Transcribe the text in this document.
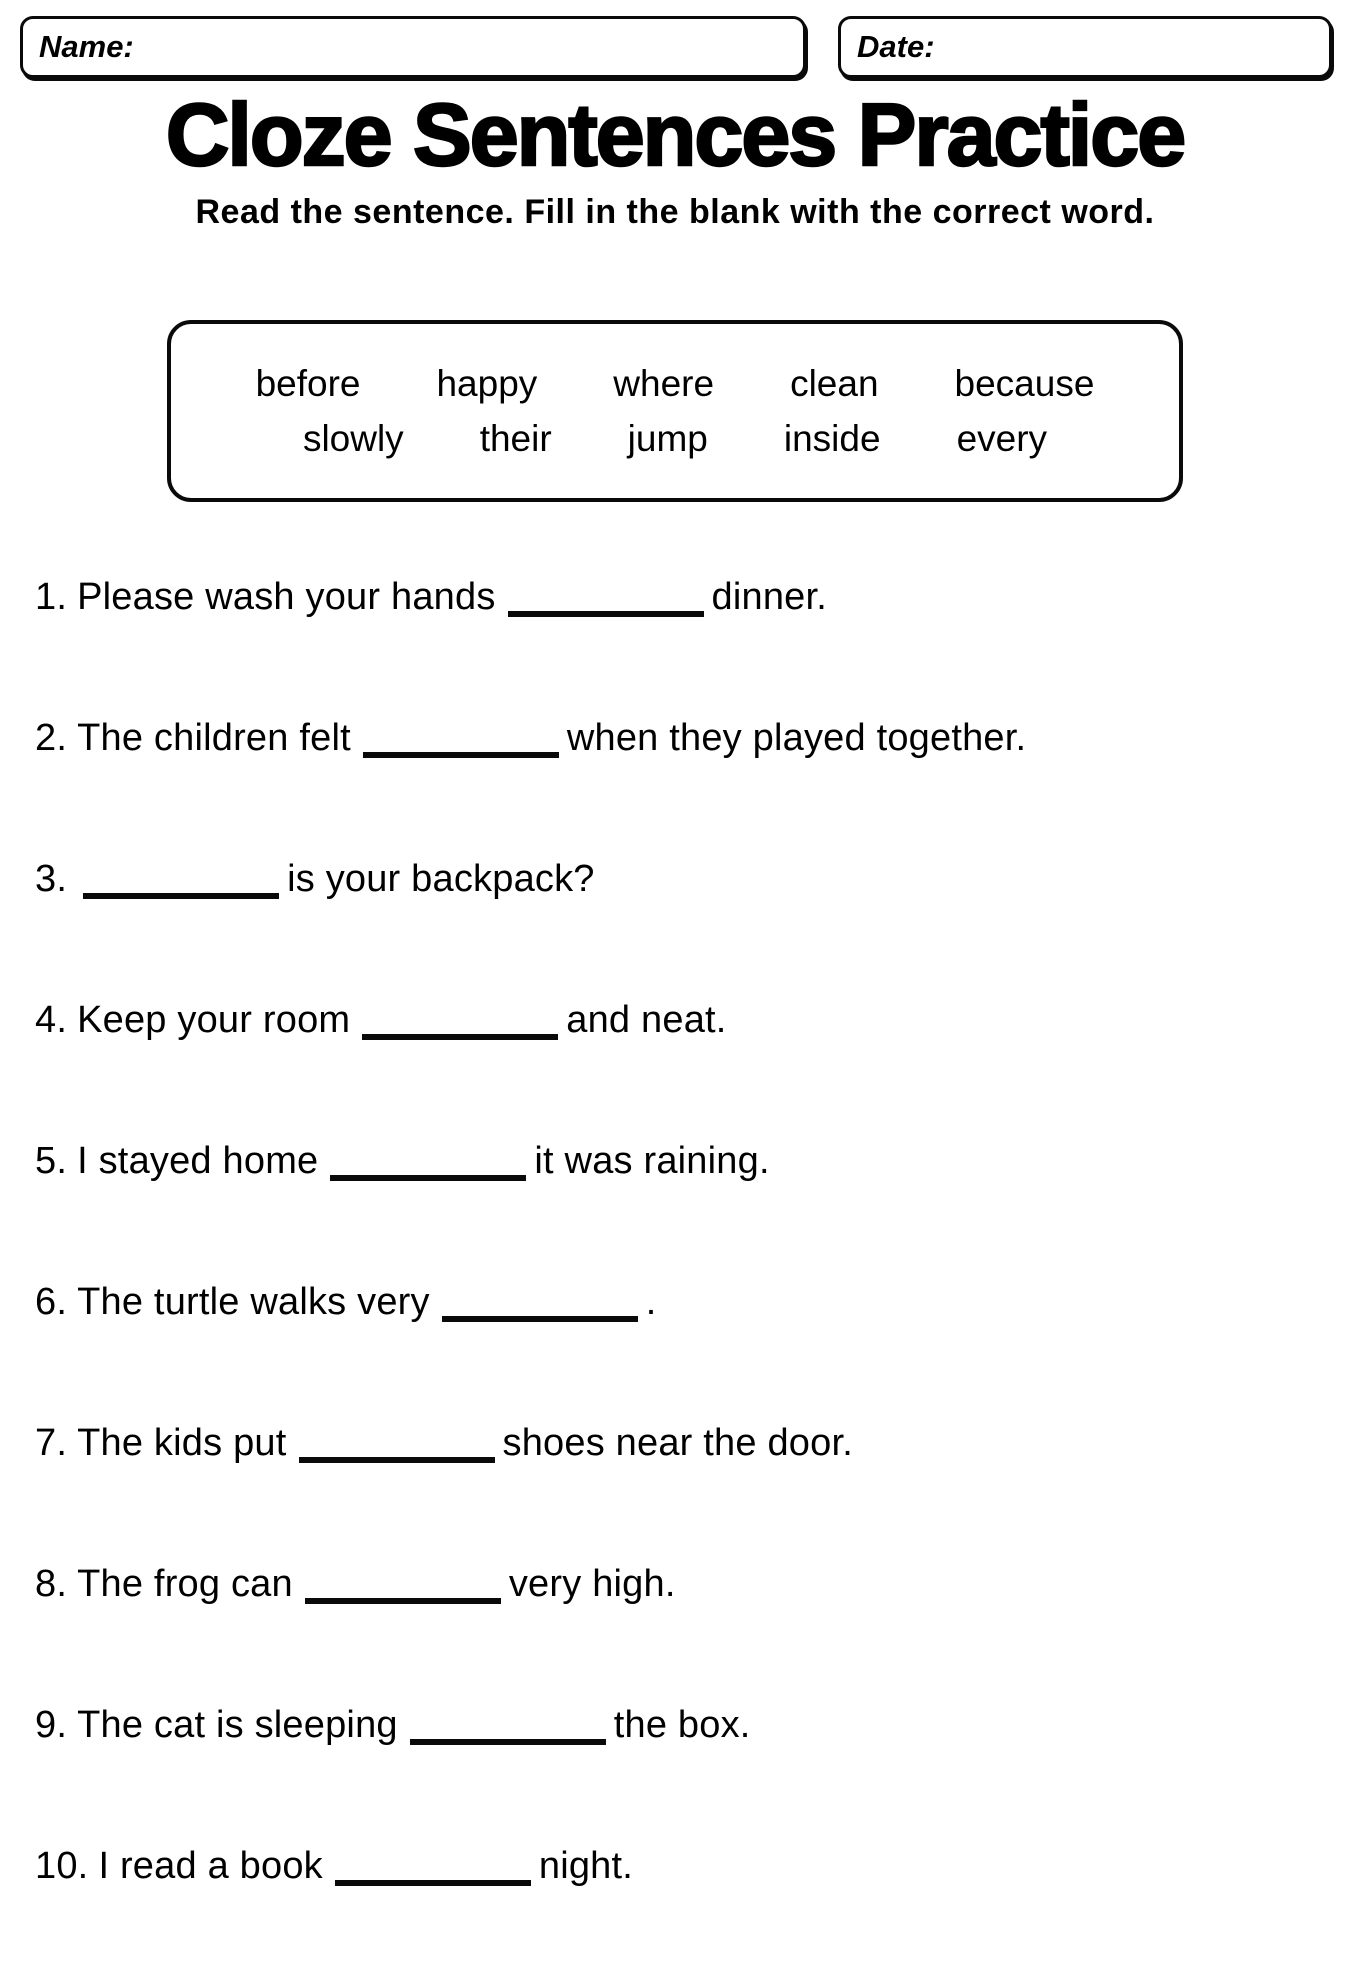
Name:	Date:
Cloze Sentences Practice

Read the sentence. Fill in the blank with the correct word.

before happy where clean because
slowly their jump inside every
1. Please wash your hands	dinner.
2. The children felt	when they played together.
3.	is your backpack?
4. Keep your room	and neat.
5. I stayed home	it was raining.
6. The turtle walks very	.
7. The kids put	shoes near the door.
8. The frog can	very high.
9. The cat is sleeping	the box.
10. I read a book	night.
